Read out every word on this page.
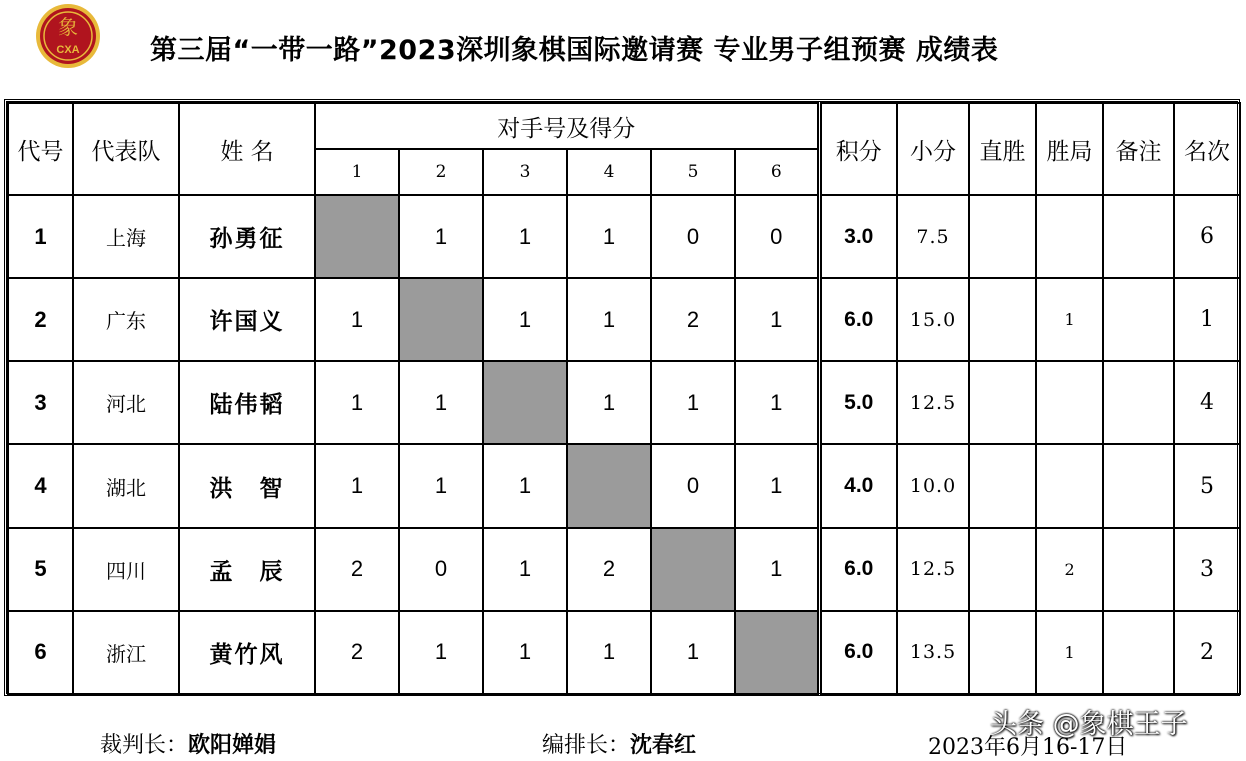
象
CXA	第三届“一带一路”2023深圳象棋国际邀请赛 专业男子组预赛 成绩表
代号	代表队	姓 名	对手号及得分						积分	小分	直胜	胜局	备注	名次
			1	2	3	4	5	6						
1	上海	孙勇征		1	1	1	0	0	3.0	7.5				6
2	广东	许国义	1		1	1	2	1	6.0	15.0		1		1
3	河北	陆伟韬	1	1		1	1	1	5.0	12.5				4
4	湖北	洪　智	1	1	1		0	1	4.0	10.0				5
5	四川	孟　辰	2	0	1	2		1	6.0	12.5		2		3
6	浙江	黄竹风	2	1	1	1	1		6.0	13.5		1		2
裁判长：欧阳婵娟	编排长：沈春红	2023年6月16-17日
头条 @象棋王子
